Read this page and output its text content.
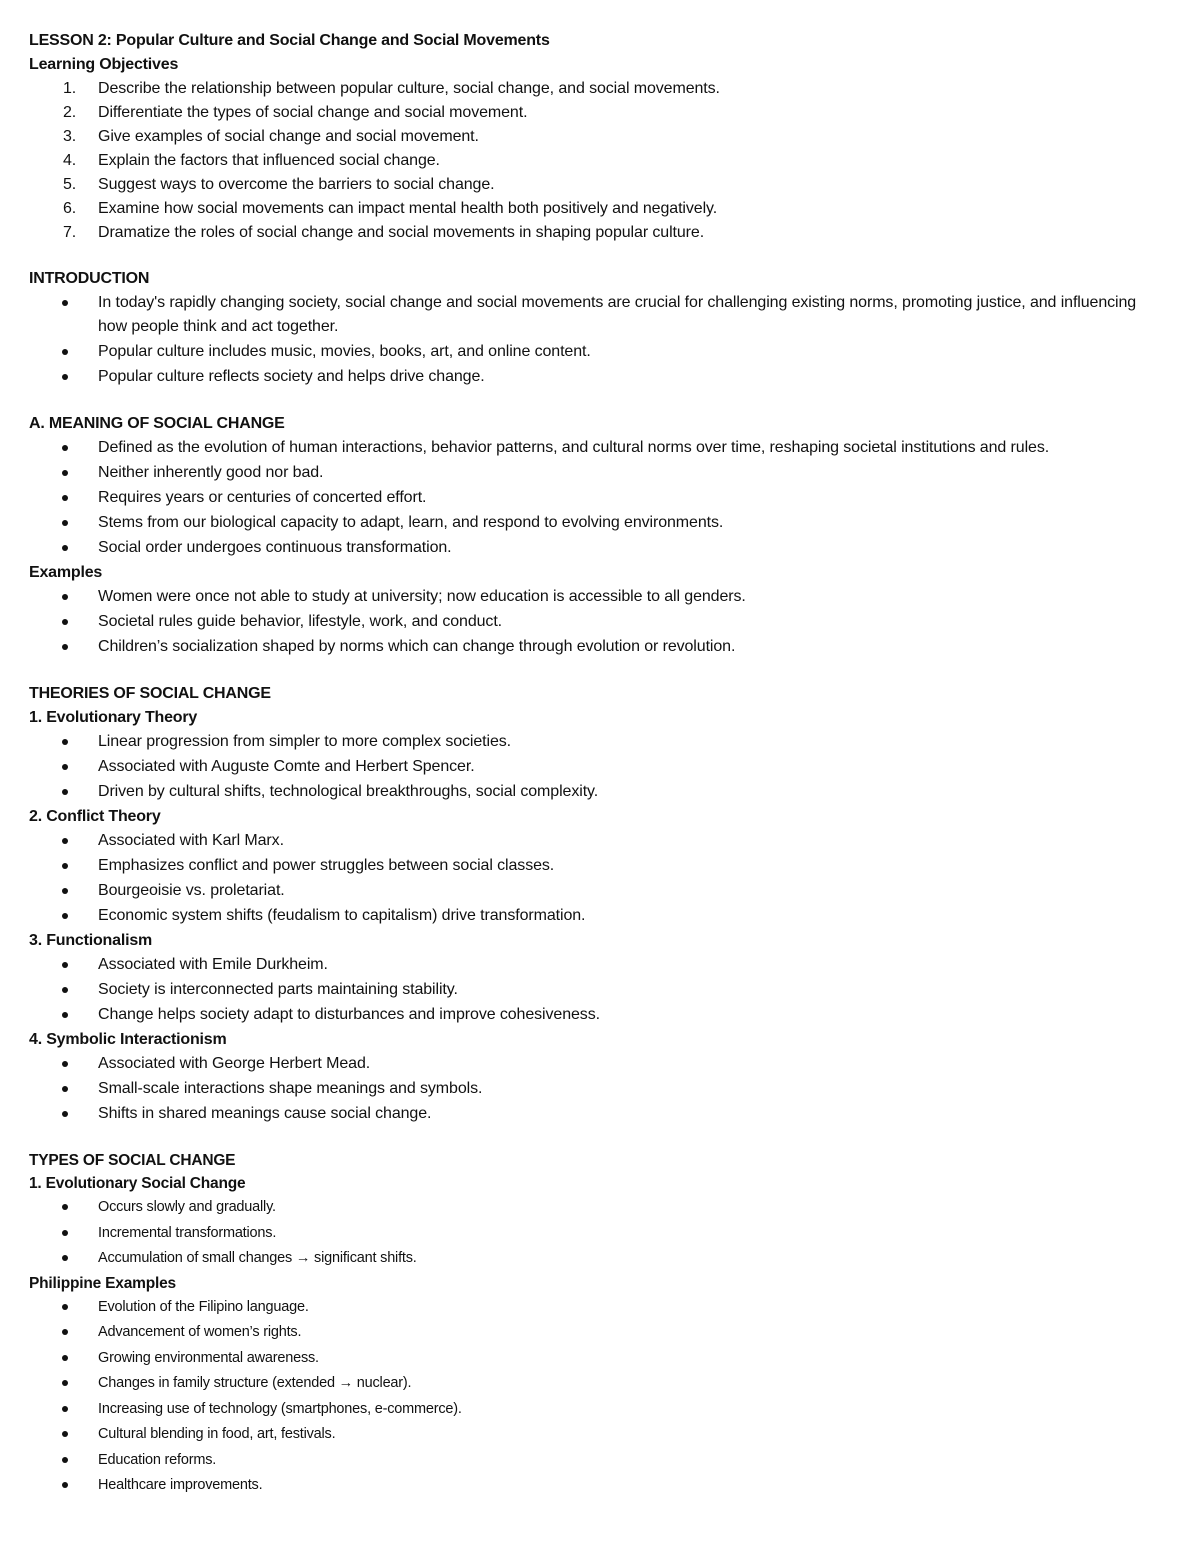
LESSON 2: Popular Culture and Social Change and Social Movements
Learning Objectives
1. Describe the relationship between popular culture, social change, and social movements.
2. Differentiate the types of social change and social movement.
3. Give examples of social change and social movement.
4. Explain the factors that influenced social change.
5. Suggest ways to overcome the barriers to social change.
6. Examine how social movements can impact mental health both positively and negatively.
7. Dramatize the roles of social change and social movements in shaping popular culture.
INTRODUCTION
In today's rapidly changing society, social change and social movements are crucial for challenging existing norms, promoting justice, and influencing how people think and act together.
Popular culture includes music, movies, books, art, and online content.
Popular culture reflects society and helps drive change.
A. MEANING OF SOCIAL CHANGE
Defined as the evolution of human interactions, behavior patterns, and cultural norms over time, reshaping societal institutions and rules.
Neither inherently good nor bad.
Requires years or centuries of concerted effort.
Stems from our biological capacity to adapt, learn, and respond to evolving environments.
Social order undergoes continuous transformation.
Examples
Women were once not able to study at university; now education is accessible to all genders.
Societal rules guide behavior, lifestyle, work, and conduct.
Children’s socialization shaped by norms which can change through evolution or revolution.
THEORIES OF SOCIAL CHANGE
1. Evolutionary Theory
Linear progression from simpler to more complex societies.
Associated with Auguste Comte and Herbert Spencer.
Driven by cultural shifts, technological breakthroughs, social complexity.
2. Conflict Theory
Associated with Karl Marx.
Emphasizes conflict and power struggles between social classes.
Bourgeoisie vs. proletariat.
Economic system shifts (feudalism to capitalism) drive transformation.
3. Functionalism
Associated with Emile Durkheim.
Society is interconnected parts maintaining stability.
Change helps society adapt to disturbances and improve cohesiveness.
4. Symbolic Interactionism
Associated with George Herbert Mead.
Small-scale interactions shape meanings and symbols.
Shifts in shared meanings cause social change.
TYPES OF SOCIAL CHANGE
1. Evolutionary Social Change
Occurs slowly and gradually.
Incremental transformations.
Accumulation of small changes → significant shifts.
Philippine Examples
Evolution of the Filipino language.
Advancement of women’s rights.
Growing environmental awareness.
Changes in family structure (extended → nuclear).
Increasing use of technology (smartphones, e-commerce).
Cultural blending in food, art, festivals.
Education reforms.
Healthcare improvements.
